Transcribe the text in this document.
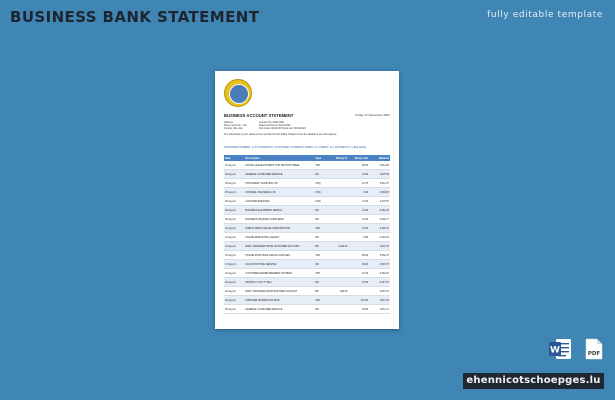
BUSINESS BANK STATEMENT	fully editable template
BUSINESS ACCOUNT STATEMENT	Friday 17 December 2021
Address
Street name No., City
Country, Zip code
Account No: 0000 0000
Statement Period: 01/11/2021
Sort Code: 00-00-00 Period end: 30/11/2021
The data below is your statement as recorded for this billing. Please review the details for any discrepancy.
TRANSFER NUMBER: 1 | ACTIVATED BY: CUSTOMER | SUMMARY DEBIT: 14 | CREDIT: 14 | PAYMENTS: 1 | BALANCE
Date	Description	Type	Money In	Money Out	Balance
01 Aug 21	OFFICE LEASE PAYMENT FOR SECTOR THREE	TFR		89.00	2,541.52
02 Aug 21	GENERAL CONSUMER SERVICE	DD		16.50	2,525.02
03 Aug 21	STATIONERY SUPPLIES LTD	CHQ		12.75	2,512.27
05 Aug 21	CHANNEL ONE MEDIA LTD	CHQ		8.40	2,503.87
06 Aug 21	LAW FIRM SERVICES	CHQ		27.00	2,476.87
08 Aug 21	BUSINESS EQUIPMENT RENTAL	DD		14.90	2,461.97
09 Aug 21	BUSINESS TRAINING SUPPLIERS	DD		31.20	2,430.77
10 Aug 21	DIRECT DEBIT ONLINE SUBSCRIPTION	TFR		10.00	2,420.77
12 Aug 21	ONLINE MARKETING AGENCY	DD		9.80	2,410.97
14 Aug 21	BANK TRANSFER FROM CUSTOMER ACCOUNT	BP	1,200.00		3,610.97
15 Aug 21	ONLINE PURCHASE OFFICE SUPPLIES	TFR		58.60	3,552.37
17 Aug 21	CLOUD HOSTING SERVICE	DD		45.00	3,507.37
19 Aug 21	CUSTOMER REIMBURSEMENT PAYMENT	TFR		22.40	3,484.97
20 Aug 21	MONTHLY UTILITY BILL	DD		67.30	3,417.67
22 Aug 21	BANK TRANSFER FROM PARTNER ACCOUNT	BP	640.00		4,057.67
24 Aug 21	SUPPLIER PAYMENT INVOICE	TFR		210.00	3,847.67
26 Aug 21	GENERAL CONSUMER SERVICE	DD		16.50	3,831.17
W	PDF
ehennicotschoepges.lu
